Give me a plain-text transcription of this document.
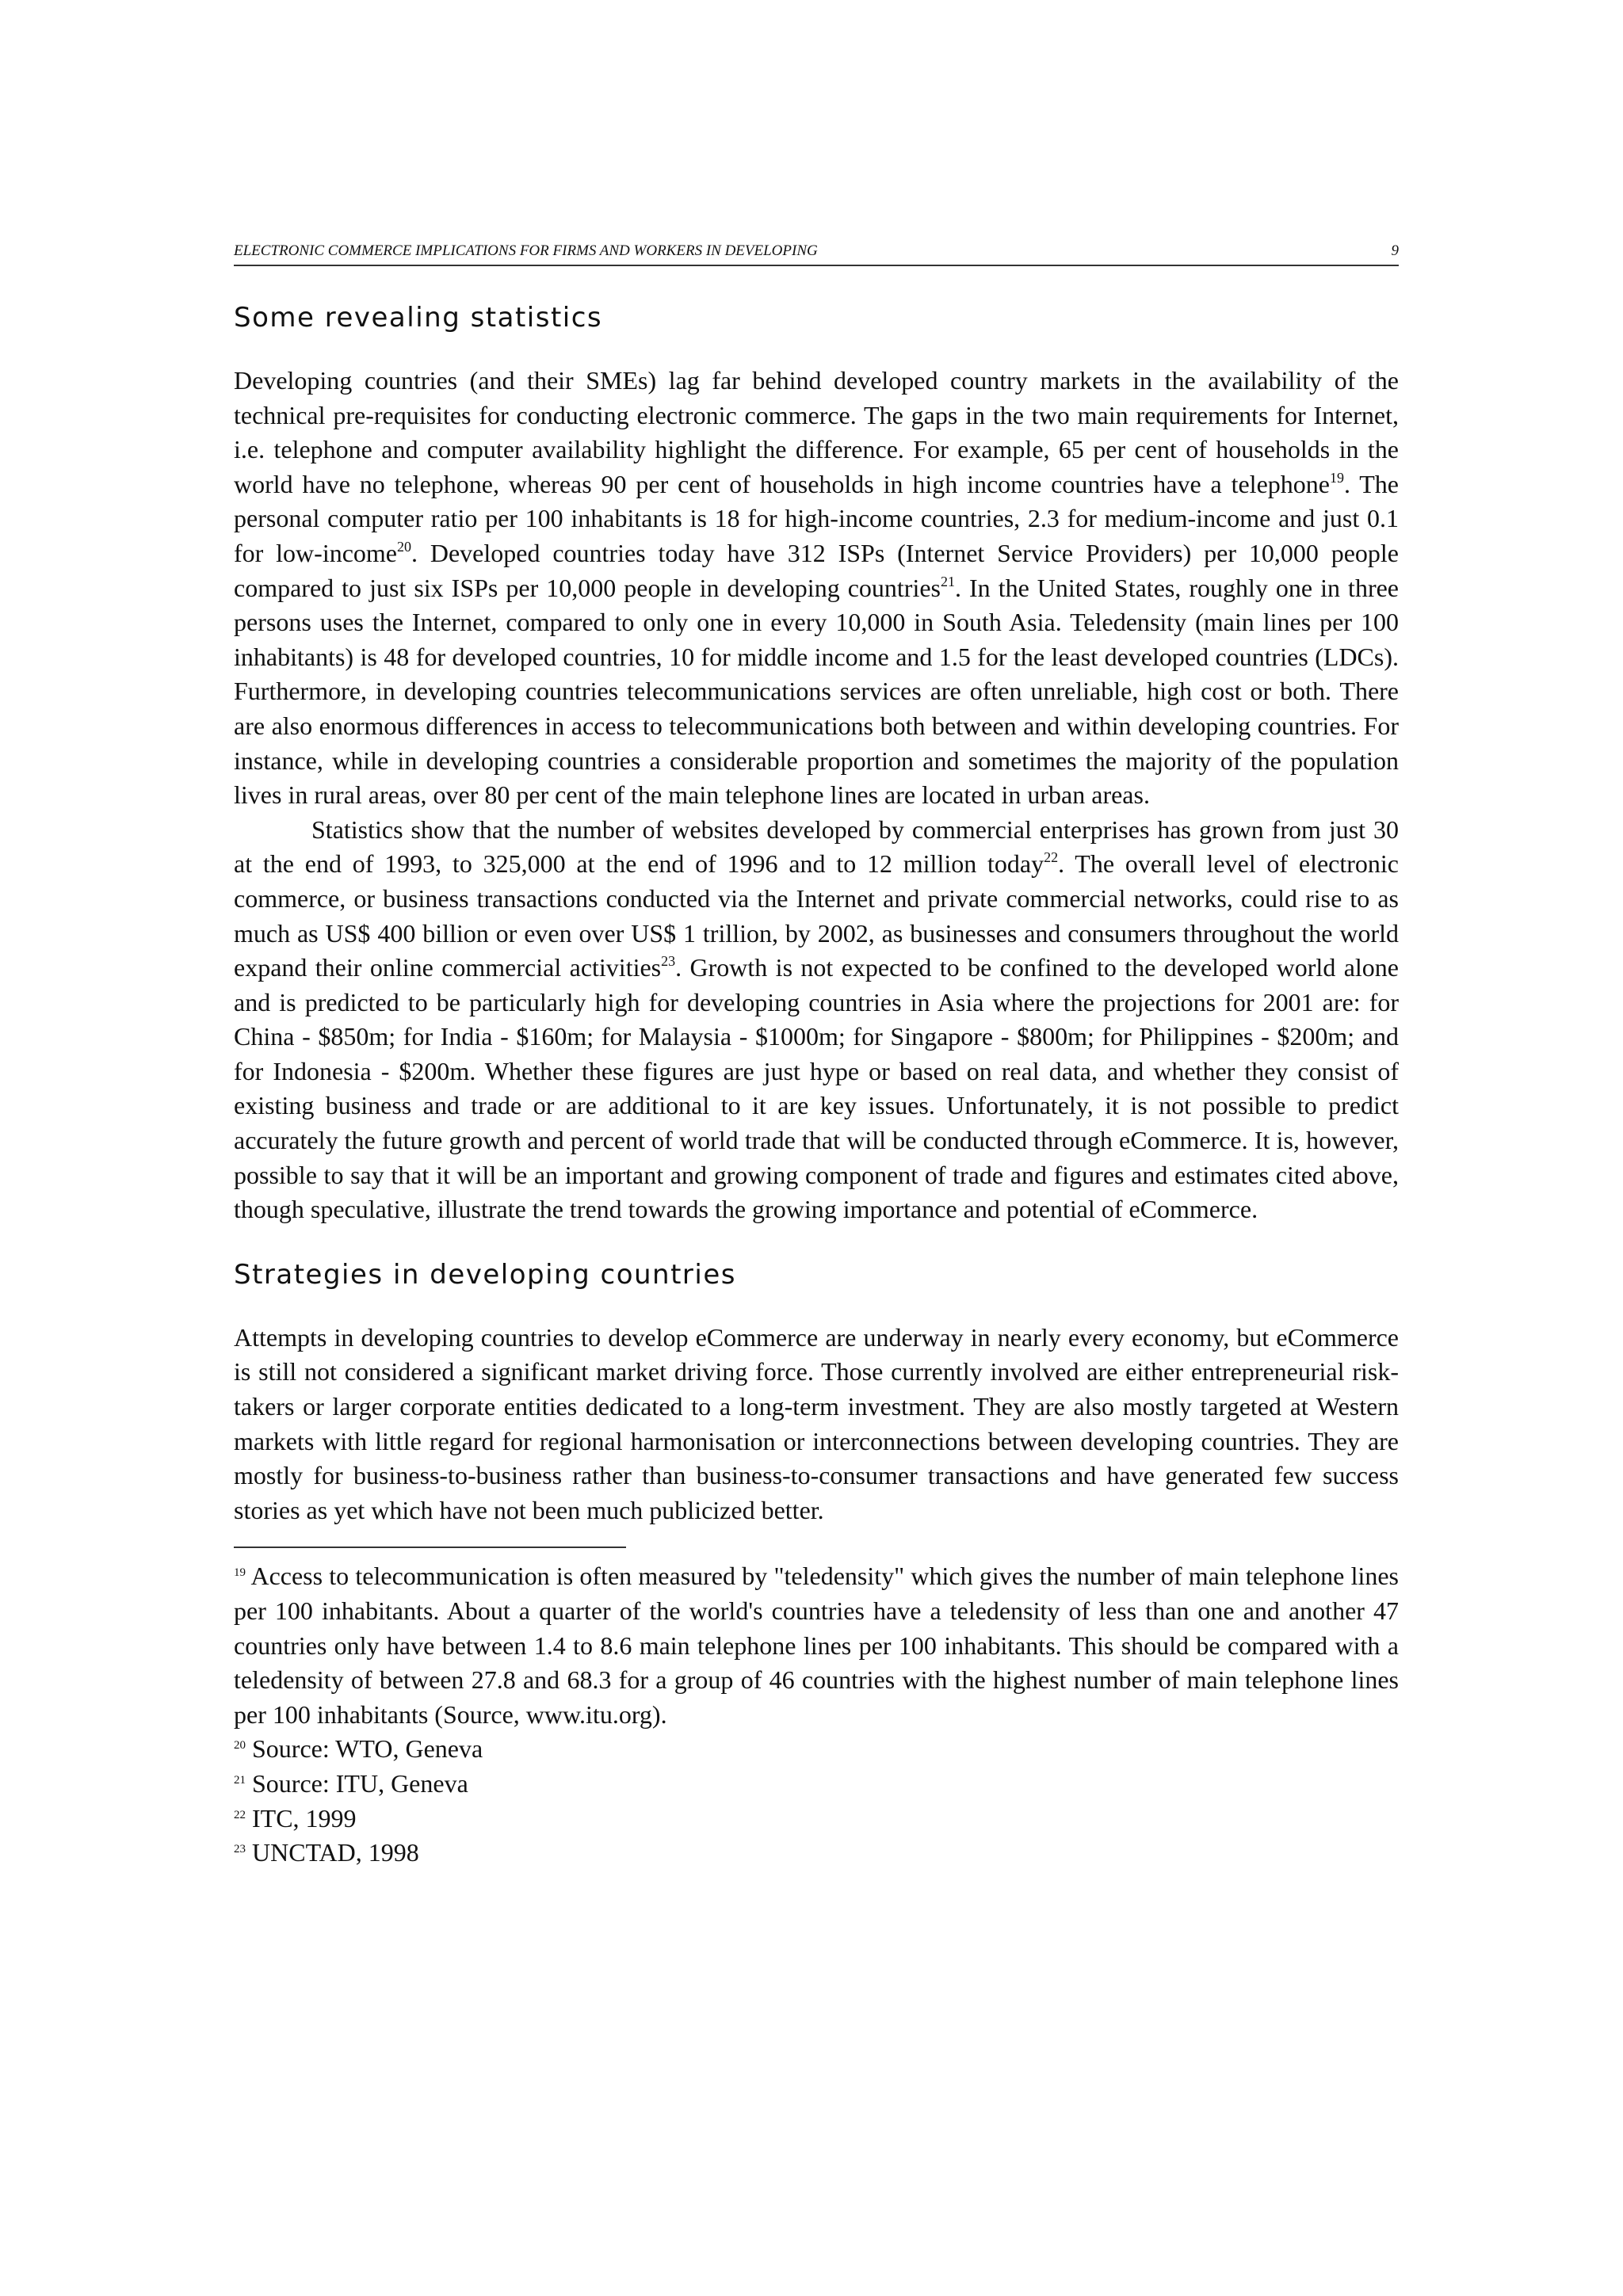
ELECTRONIC COMMERCE IMPLICATIONS FOR FIRMS AND WORKERS IN DEVELOPING	9
Some revealing statistics

Developing countries (and their SMEs) lag far behind developed country markets in the availability of the technical pre-requisites for conducting electronic commerce. The gaps in the two main requirements for Internet, i.e. telephone and computer availability highlight the difference. For example, 65 per cent of households in the world have no telephone, whereas 90 per cent of households in high income countries have a telephone$^{19}$. The personal computer ratio per 100 inhabitants is 18 for high-income countries, 2.3 for medium-income and just 0.1 for low-income$^{20}$. Developed countries today have 312 ISPs (Internet Service Providers) per 10,000 people compared to just six ISPs per 10,000 people in developing countries$^{21}$. In the United States, roughly one in three persons uses the Internet, compared to only one in every 10,000 in South Asia. Teledensity (main lines per 100 inhabitants) is 48 for developed countries, 10 for middle income and 1.5 for the least developed countries (LDCs). Furthermore, in developing countries telecommunications services are often unreliable, high cost or both. There are also enormous differences in access to telecommunications both between and within developing countries. For instance, while in developing countries a considerable proportion and sometimes the majority of the population lives in rural areas, over 80 per cent of the main telephone lines are located in urban areas.

Statistics show that the number of websites developed by commercial enterprises has grown from just 30 at the end of 1993, to 325,000 at the end of 1996 and to 12 million today$^{22}$. The overall level of electronic commerce, or business transactions conducted via the Internet and private commercial networks, could rise to as much as US$ 400 billion or even over US$ 1 trillion, by 2002, as businesses and consumers throughout the world expand their online commercial activities$^{23}$. Growth is not expected to be confined to the developed world alone and is predicted to be particularly high for developing countries in Asia where the projections for 2001 are: for China - $850m; for India - $160m; for Malaysia - $1000m; for Singapore - $800m; for Philippines - $200m; and for Indonesia - $200m. Whether these figures are just hype or based on real data, and whether they consist of existing business and trade or are additional to it are key issues. Unfortunately, it is not possible to predict accurately the future growth and percent of world trade that will be conducted through eCommerce. It is, however, possible to say that it will be an important and growing component of trade and figures and estimates cited above, though speculative, illustrate the trend towards the growing importance and potential of eCommerce.

Strategies in developing countries

Attempts in developing countries to develop eCommerce are underway in nearly every economy, but eCommerce is still not considered a significant market driving force. Those currently involved are either entrepreneurial risk-takers or larger corporate entities dedicated to a long-term investment. They are also mostly targeted at Western markets with little regard for regional harmonisation or interconnections between developing countries. They are mostly for business-to-business rather than business-to-consumer transactions and have generated few success stories as yet which have not been much publicized better.

$^{19}$ Access to telecommunication is often measured by "teledensity" which gives the number of main telephone lines per 100 inhabitants. About a quarter of the world's countries have a teledensity of less than one and another 47 countries only have between 1.4 to 8.6 main telephone lines per 100 inhabitants. This should be compared with a teledensity of between 27.8 and 68.3 for a group of 46 countries with the highest number of main telephone lines per 100 inhabitants (Source, www.itu.org).

$^{20}$ Source: WTO, Geneva

$^{21}$ Source: ITU, Geneva

$^{22}$ ITC, 1999

$^{23}$ UNCTAD, 1998
